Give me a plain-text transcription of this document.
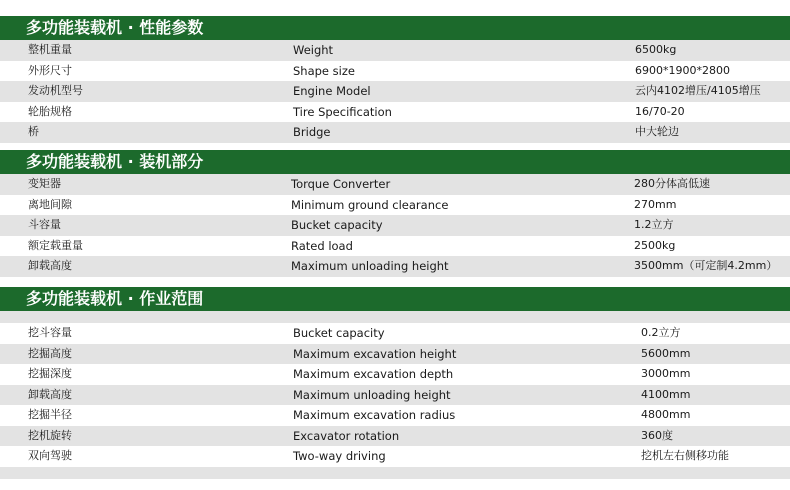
多功能装载机 · 性能参数
整机重量	Weight	6500kg
外形尺寸	Shape size	6900*1900*2800
发动机型号	Engine Model	云内4102增压/4105增压
轮胎规格	Tire Specification	16/70-20
桥	Bridge	中大轮边
多功能装载机 · 装机部分
变矩器	Torque Converter	280分体高低速
离地间隙	Minimum ground clearance	270mm
斗容量	Bucket capacity	1.2立方
额定载重量	Rated load	2500kg
卸载高度	Maximum unloading height	3500mm（可定制4.2mm）
多功能装载机 · 作业范围
挖斗容量	Bucket capacity	0.2立方
挖掘高度	Maximum excavation height	5600mm
挖掘深度	Maximum excavation depth	3000mm
卸载高度	Maximum unloading height	4100mm
挖掘半径	Maximum excavation radius	4800mm
挖机旋转	Excavator rotation	360度
双向驾驶	Two-way driving	挖机左右侧移功能
